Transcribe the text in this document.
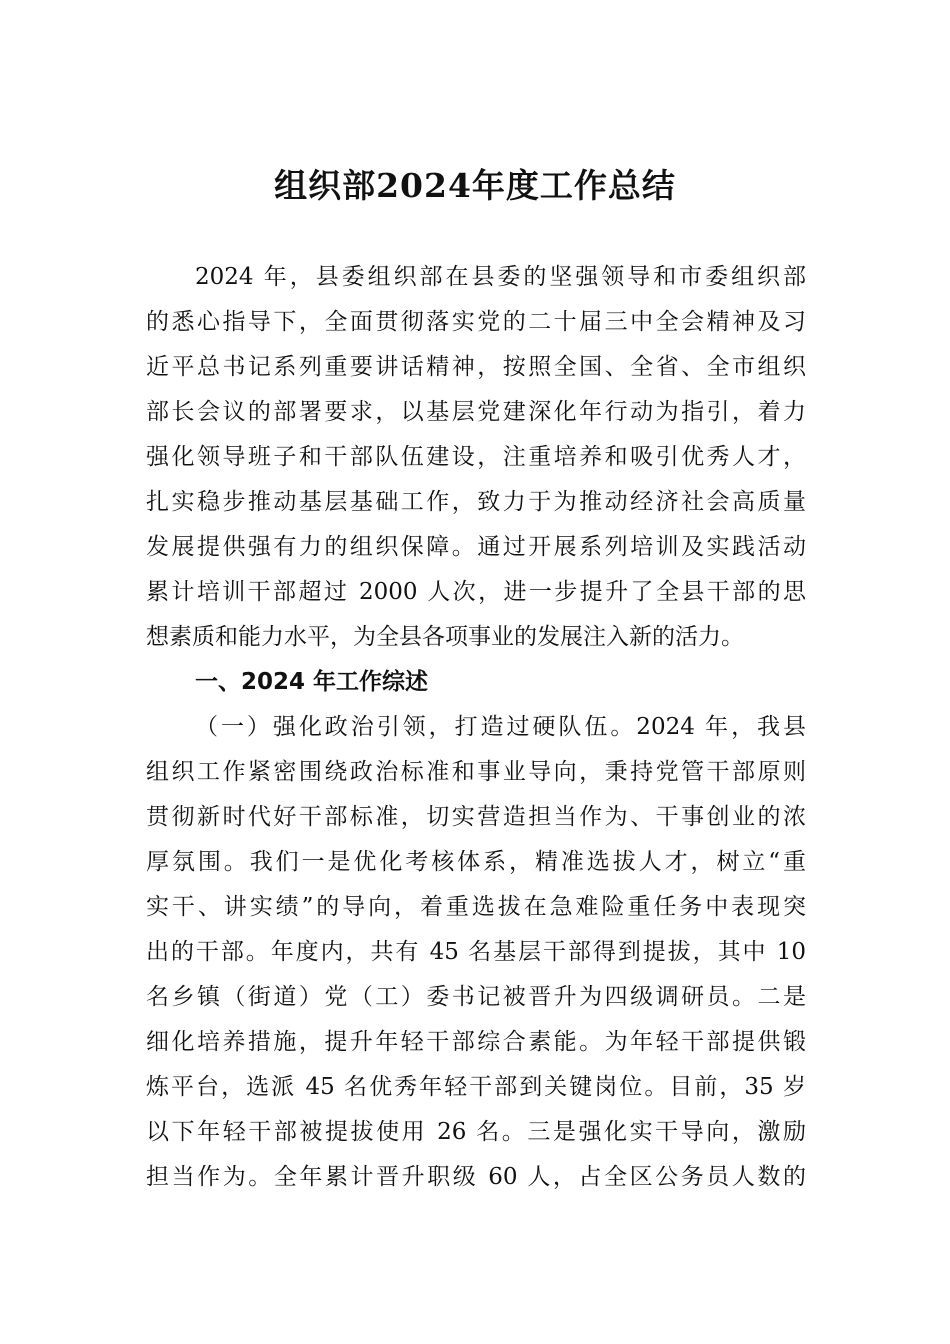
组织部2024年度工作总结
2024 年，县委组织部在县委的坚强领导和市委组织部
的悉心指导下，全面贯彻落实党的二十届三中全会精神及习
近平总书记系列重要讲话精神，按照全国、全省、全市组织
部长会议的部署要求，以基层党建深化年行动为指引，着力
强化领导班子和干部队伍建设，注重培养和吸引优秀人才，
扎实稳步推动基层基础工作，致力于为推动经济社会高质量
发展提供强有力的组织保障。通过开展系列培训及实践活动
累计培训干部超过 2000 人次，进一步提升了全县干部的思
想素质和能力水平，为全县各项事业的发展注入新的活力。
一、2024 年工作综述
（一）强化政治引领，打造过硬队伍。2024 年，我县
组织工作紧密围绕政治标准和事业导向，秉持党管干部原则
贯彻新时代好干部标准，切实营造担当作为、干事创业的浓
厚氛围。我们一是优化考核体系，精准选拔人才，树立“重
实干、讲实绩”的导向，着重选拔在急难险重任务中表现突
出的干部。年度内，共有 45 名基层干部得到提拔，其中 10
名乡镇（街道）党（工）委书记被晋升为四级调研员。二是
细化培养措施，提升年轻干部综合素能。为年轻干部提供锻
炼平台，选派 45 名优秀年轻干部到关键岗位。目前，35 岁
以下年轻干部被提拔使用 26 名。三是强化实干导向，激励
担当作为。全年累计晋升职级 60 人，占全区公务员人数的
